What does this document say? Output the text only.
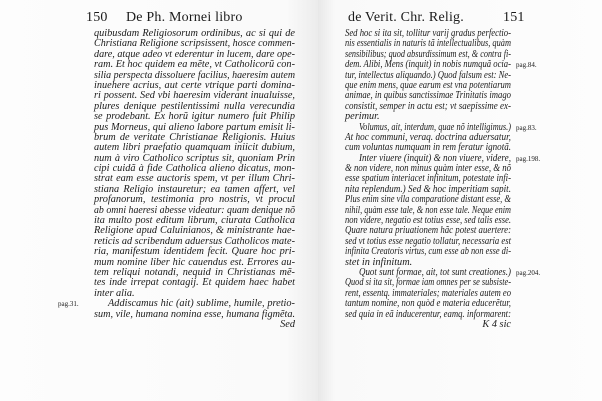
150 De Ph. Mornei libro
quibusdam Religiosorum ordinibus, ac si qui de
Christiana Religione scripsissent, hosce commen-
dare, atque adeo vt ederentur in lucem, dare ope-
ram. Et hoc quidem ea mẽte, vt Catholicorũ con-
silia perspecta dissoluere facilius, haeresim autem
inuehere acrius, aut certe vtrique parti domina-
ri possent. Sed vbi haeresim viderant inualuisse,
plures denique pestilentissimi nulla verecundia
se prodebant. Ex horũ igitur numero fuit Philip
pus Morneus, qui alieno labore partum emisit li-
brum de veritate Christianae Religionis. Huius
autem libri praefatio quamquam iniicit dubium,
num à viro Catholico scriptus sit, quoniam Prin
cipi cuidã à fide Catholica alieno dicatus, mon-
strat eam esse auctoris spem, vt per illum Chri-
stiana Religio instauretur; ea tamen affert, vel
profanorum, testimonia pro nostris, vt procul
ab omni haeresi abesse videatur: quam denique nõ
ita multo post editum librum, ciurata Catholica
Religione apud Caluinianos, & ministrante hae-
reticis ad scribendum aduersus Catholicos mate-
ria, manifestum identidem fecit. Quare hoc pri-
mum nomine liber hic cauendus est. Errores au-
tem reliqui notandi, nequid in Christianas mẽ-
tes inde irrepat contagij. Et quidem haec habet
inter alia.
Addiscamus hic (ait) sublime, humile, pretio-
sum, vile, humana nomina esse, humana figmẽta.
Sed
pag.31.
de Verit. Chr. Relig.	151
Sed hoc si ita sit, tollitur varij gradus perfectio-
nis essentialis in naturis tã intellectualibus, quàm
sensibilibus; quod absurdissimum est, & contra fi-
dem. Alibi, Mens (inquit) in nobis numquã ocia-
tur, intellectus aliquando.) Quod falsum est: Ne-
que enim mens, quae earum est vna potentiarum
animae, in quibus sanctissimae Trinitatis imago
consistit, semper in actu est; vt saepissime ex-
perimur.
Volumus, ait, interdum, quae nõ intelligimus.)
At hoc communi, veraq. doctrina aduersatur,
cum voluntas numquam in rem feratur ignotã.
Inter viuere (inquit) & non viuere, videre,
& non videre, non minus quàm inter esse, & nõ
esse spatium interiacet infinitum, potestate infi-
nita replendum.) Sed & hoc imperitiam sapit.
Plus enim sine vlla comparatione distant esse, &
nihil, quàm esse tale, & non esse tale. Neque enim
non videre, negatio est totius esse, sed talis esse.
Quare natura priuationem hãc potest auertere:
sed vt totius esse negatio tollatur, necessaria est
infinita Creatoris virtus, cum esse ab non esse di-
stet in infinitum.
Quot sunt formae, ait, tot sunt creationes.)
Quod si ita sit, formae iam omnes per se subsiste-
rent, essentq. immateriales; materiales autem eo
tantum nomine, non quòd e materia educerẽtur,
sed quia in eã inducerentur, eamq. informarent:
K 4 sic
pag.84.
pag.83.
pag.198.
pag.204.
